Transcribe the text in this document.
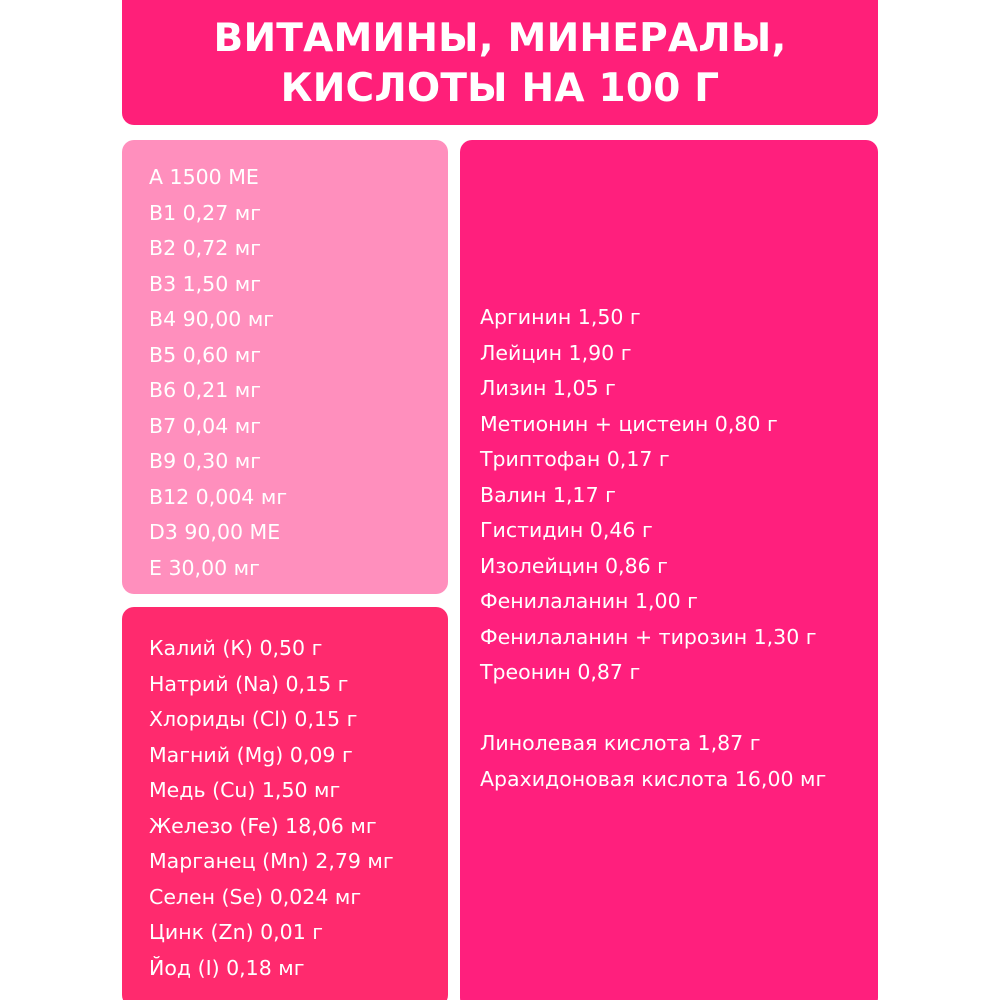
ВИТАМИНЫ, МИНЕРАЛЫ,
КИСЛОТЫ НА 100 Г
А 1500 МЕ
В1 0,27 мг
В2 0,72 мг
В3 1,50 мг
В4 90,00 мг
В5 0,60 мг
В6 0,21 мг
В7 0,04 мг
В9 0,30 мг
В12 0,004 мг
D3 90,00 МЕ
Е 30,00 мг
Калий (К) 0,50 г
Натрий (Na) 0,15 г
Хлориды (Cl) 0,15 г
Магний (Mg) 0,09 г
Медь (Cu) 1,50 мг
Железо (Fe) 18,06 мг
Марганец (Mn) 2,79 мг
Селен (Se) 0,024 мг
Цинк (Zn) 0,01 г
Йод (I) 0,18 мг
Аргинин 1,50 г
Лейцин 1,90 г
Лизин 1,05 г
Метионин + цистеин 0,80 г
Триптофан 0,17 г
Валин 1,17 г
Гистидин 0,46 г
Изолейцин 0,86 г
Фенилаланин 1,00 г
Фенилаланин + тирозин 1,30 г
Треонин 0,87 г
Линолевая кислота 1,87 г
Арахидоновая кислота 16,00 мг
